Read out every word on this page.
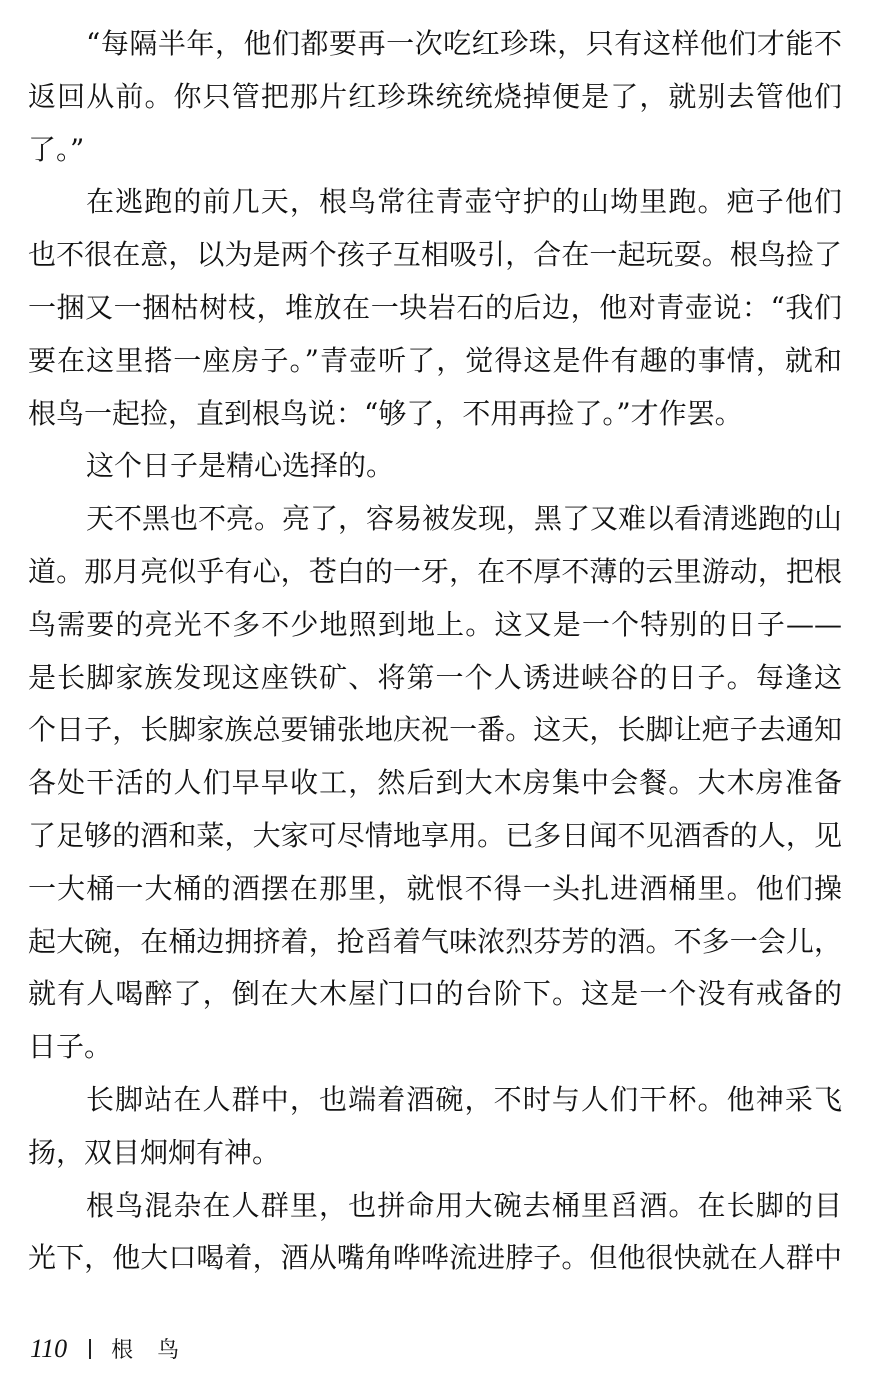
“每隔半年，他们都要再一次吃红珍珠，只有这样他们才能不
返回从前。你只管把那片红珍珠统统烧掉便是了，就别去管他们
了。”
在逃跑的前几天，根鸟常往青壶守护的山坳里跑。疤子他们
也不很在意，以为是两个孩子互相吸引，合在一起玩耍。根鸟捡了
一捆又一捆枯树枝，堆放在一块岩石的后边，他对青壶说：“我们
要在这里搭一座房子。”青壶听了，觉得这是件有趣的事情，就和
根鸟一起捡，直到根鸟说：“够了，不用再捡了。”才作罢。
这个日子是精心选择的。
天不黑也不亮。亮了，容易被发现，黑了又难以看清逃跑的山
道。那月亮似乎有心，苍白的一牙，在不厚不薄的云里游动，把根
鸟需要的亮光不多不少地照到地上。这又是一个特别的日子——
是长脚家族发现这座铁矿、将第一个人诱进峡谷的日子。每逢这
个日子，长脚家族总要铺张地庆祝一番。这天，长脚让疤子去通知
各处干活的人们早早收工，然后到大木房集中会餐。大木房准备
了足够的酒和菜，大家可尽情地享用。已多日闻不见酒香的人，见
一大桶一大桶的酒摆在那里，就恨不得一头扎进酒桶里。他们操
起大碗，在桶边拥挤着，抢舀着气味浓烈芬芳的酒。不多一会儿，
就有人喝醉了，倒在大木屋门口的台阶下。这是一个没有戒备的
日子。
长脚站在人群中，也端着酒碗，不时与人们干杯。他神采飞
扬，双目炯炯有神。
根鸟混杂在人群里，也拼命用大碗去桶里舀酒。在长脚的目
光下，他大口喝着，酒从嘴角哗哗流进脖子。但他很快就在人群中
110 根鸟
